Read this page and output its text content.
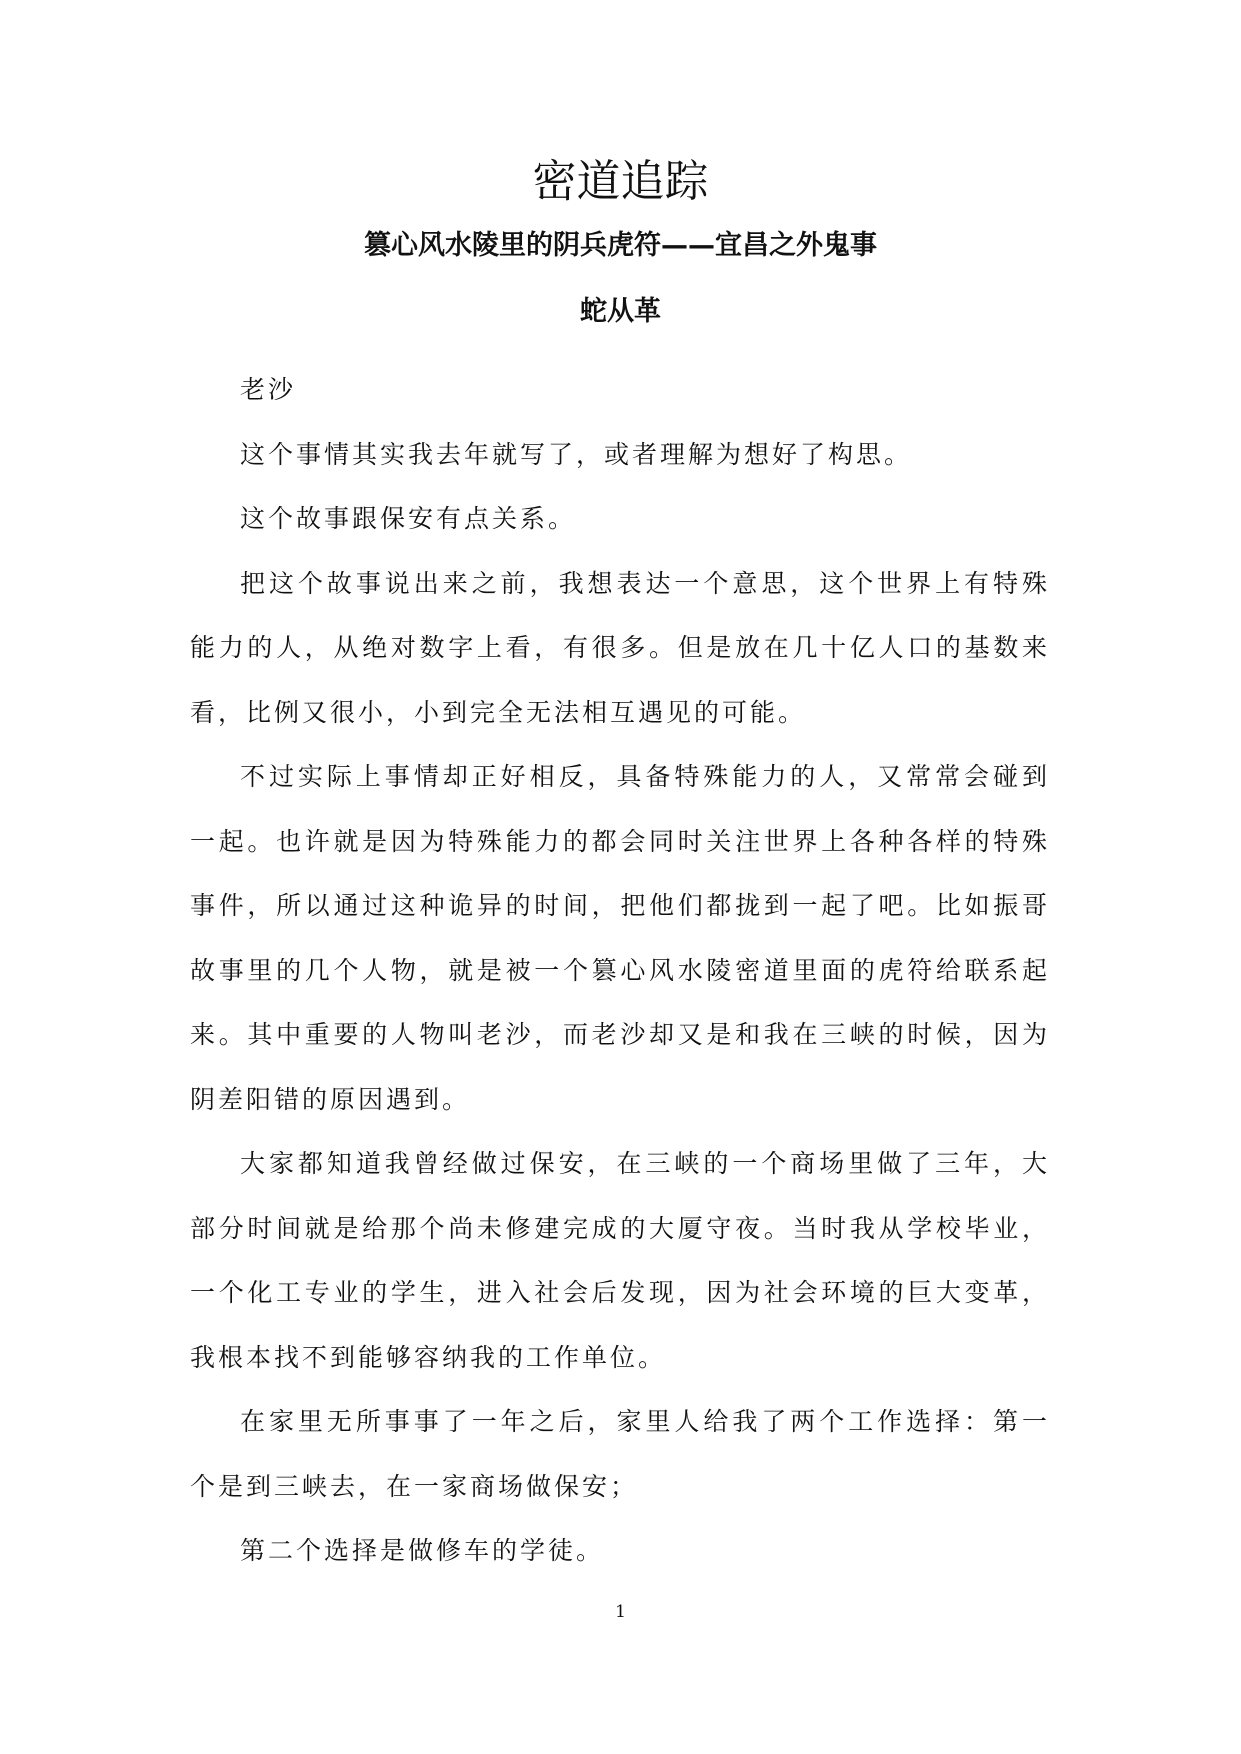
密道追踪
篡心风水陵里的阴兵虎符——宜昌之外鬼事
蛇从革

老沙

这个事情其实我去年就写了，或者理解为想好了构思。

这个故事跟保安有点关系。

把这个故事说出来之前，我想表达一个意思，这个世界上有特殊能力的人，从绝对数字上看，有很多。但是放在几十亿人口的基数来看，比例又很小，小到完全无法相互遇见的可能。

不过实际上事情却正好相反，具备特殊能力的人，又常常会碰到一起。也许就是因为特殊能力的都会同时关注世界上各种各样的特殊事件，所以通过这种诡异的时间，把他们都拢到一起了吧。比如振哥故事里的几个人物，就是被一个篡心风水陵密道里面的虎符给联系起来。其中重要的人物叫老沙，而老沙却又是和我在三峡的时候，因为阴差阳错的原因遇到。

大家都知道我曾经做过保安，在三峡的一个商场里做了三年，大部分时间就是给那个尚未修建完成的大厦守夜。当时我从学校毕业，一个化工专业的学生，进入社会后发现，因为社会环境的巨大变革，我根本找不到能够容纳我的工作单位。

在家里无所事事了一年之后，家里人给我了两个工作选择：第一个是到三峡去，在一家商场做保安；

第二个选择是做修车的学徒。

1
